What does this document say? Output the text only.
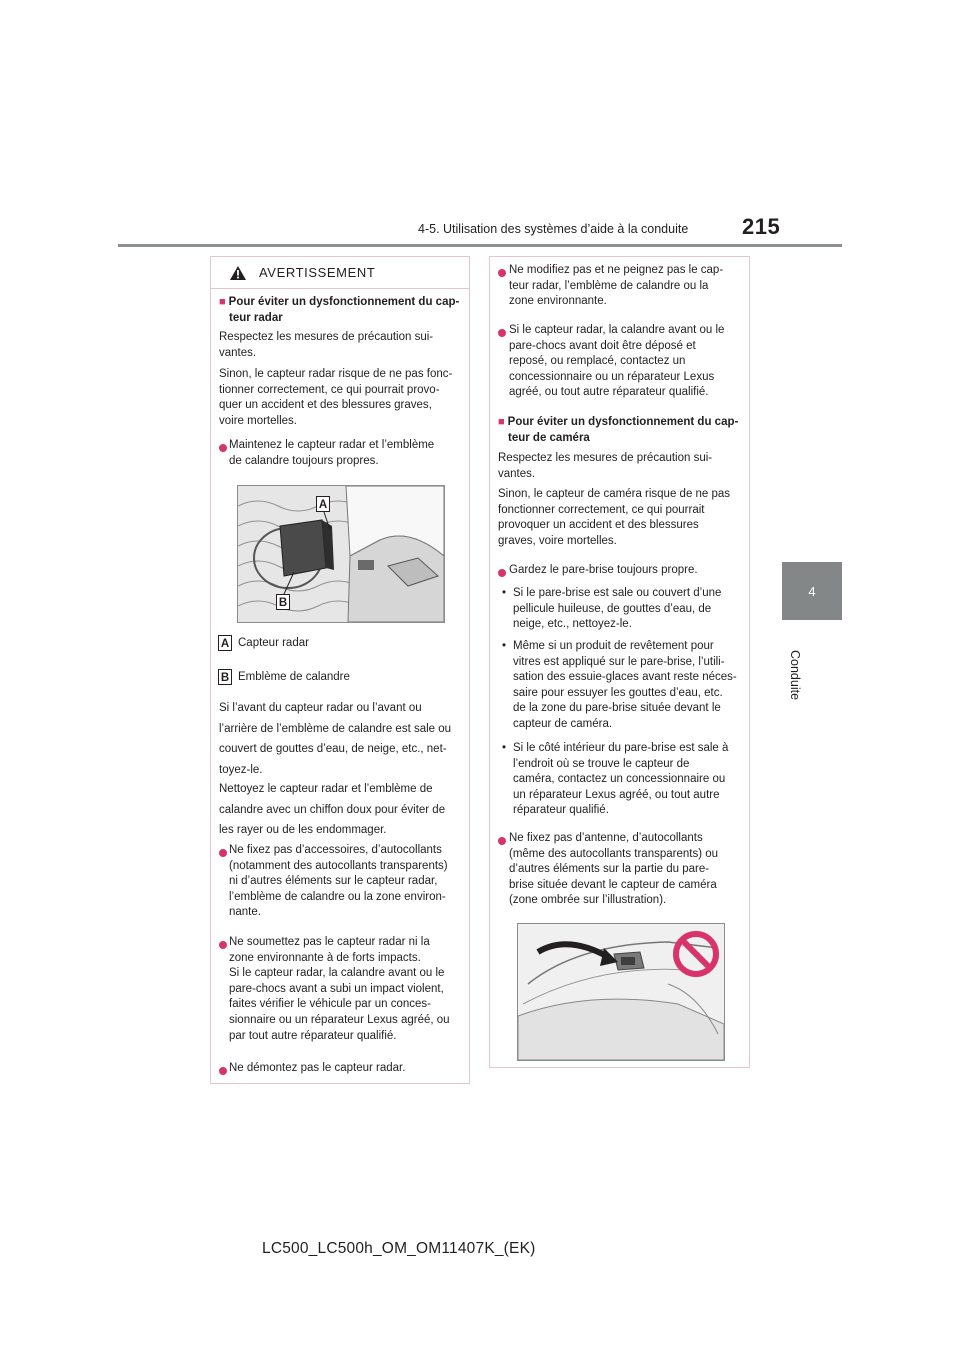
4-5. Utilisation des systèmes d’aide à la conduite 215
4
Conduite
AVERTISSEMENT
■ Pour éviter un dysfonctionnement du cap-
teur radar
Respectez les mesures de précaution sui-
vantes.
Sinon, le capteur radar risque de ne pas fonc-
tionner correctement, ce qui pourrait provo-
quer un accident et des blessures graves,
voire mortelles.
Maintenez le capteur radar et l’emblème
de calandre toujours propres.
A
B
A Capteur radar
B Emblème de calandre
Si l’avant du capteur radar ou l’avant ou
l’arrière de l’emblème de calandre est sale ou
couvert de gouttes d’eau, de neige, etc., net-
toyez-le.
Nettoyez le capteur radar et l’emblème de
calandre avec un chiffon doux pour éviter de
les rayer ou de les endommager.
Ne fixez pas d’accessoires, d’autocollants
(notamment des autocollants transparents)
ni d’autres éléments sur le capteur radar,
l’emblème de calandre ou la zone environ-
nante.
Ne soumettez pas le capteur radar ni la
zone environnante à de forts impacts.
Si le capteur radar, la calandre avant ou le
pare-chocs avant a subi un impact violent,
faites vérifier le véhicule par un conces-
sionnaire ou un réparateur Lexus agréé, ou
par tout autre réparateur qualifié.
Ne démontez pas le capteur radar.
Ne modifiez pas et ne peignez pas le cap-
teur radar, l’emblème de calandre ou la
zone environnante.
Si le capteur radar, la calandre avant ou le
pare-chocs avant doit être déposé et
reposé, ou remplacé, contactez un
concessionnaire ou un réparateur Lexus
agréé, ou tout autre réparateur qualifié.
■ Pour éviter un dysfonctionnement du cap-
teur de caméra
Respectez les mesures de précaution sui-
vantes.
Sinon, le capteur de caméra risque de ne pas
fonctionner correctement, ce qui pourrait
provoquer un accident et des blessures
graves, voire mortelles.
Gardez le pare-brise toujours propre.
• Si le pare-brise est sale ou couvert d’une
pellicule huileuse, de gouttes d’eau, de
neige, etc., nettoyez-le.
• Même si un produit de revêtement pour
vitres est appliqué sur le pare-brise, l’utili-
sation des essuie-glaces avant reste néces-
saire pour essuyer les gouttes d’eau, etc.
de la zone du pare-brise située devant le
capteur de caméra.
• Si le côté intérieur du pare-brise est sale à
l’endroit où se trouve le capteur de
caméra, contactez un concessionnaire ou
un réparateur Lexus agréé, ou tout autre
réparateur qualifié.
Ne fixez pas d’antenne, d’autocollants
(même des autocollants transparents) ou
d’autres éléments sur la partie du pare-
brise située devant le capteur de caméra
(zone ombrée sur l’illustration).
LC500_LC500h_OM_OM11407K_(EK)
